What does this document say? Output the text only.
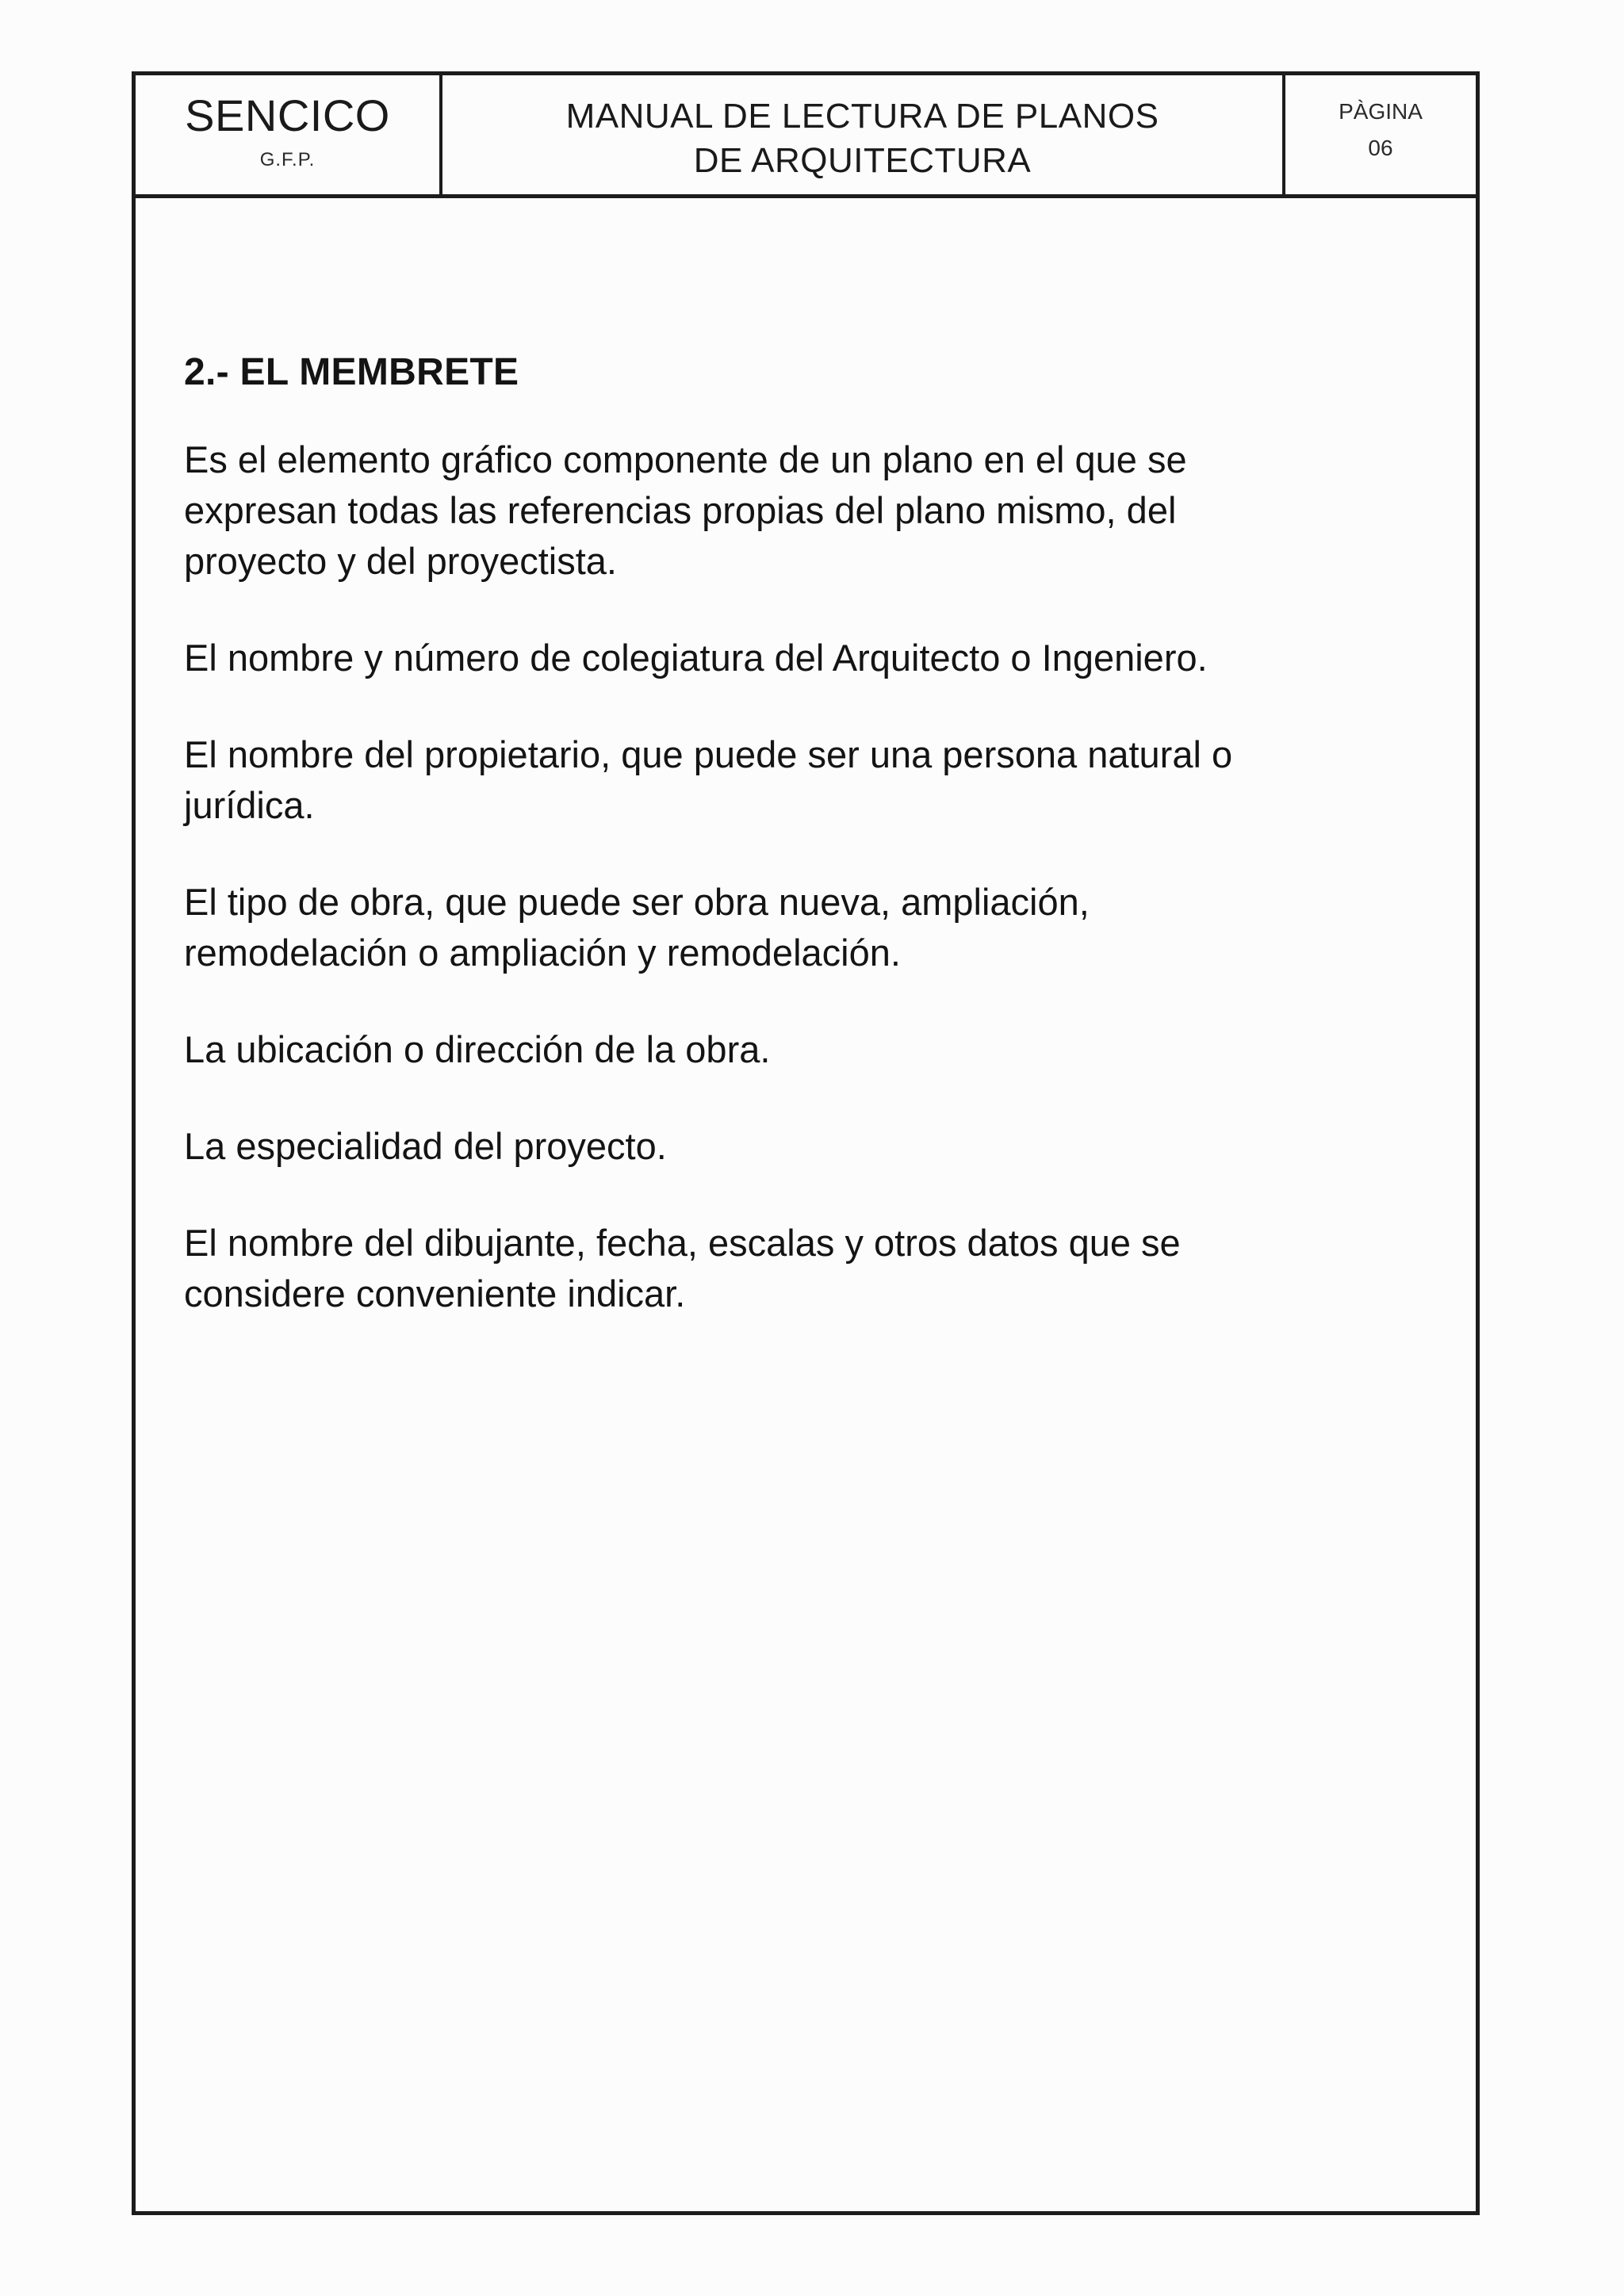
SENCICO
G.F.P.
MANUAL DE LECTURA DE PLANOS
DE ARQUITECTURA
PÀGINA
06
2.- EL MEMBRETE

Es el elemento gráfico componente de un plano en el que se expresan todas las referencias propias del plano mismo, del proyecto y del proyectista.

El nombre y número de colegiatura del Arquitecto o Ingeniero.

El nombre del propietario, que puede ser una persona natural o jurídica.

El tipo de obra, que puede ser obra nueva, ampliación, remodelación o ampliación y remodelación.

La ubicación o dirección de la obra.

La especialidad del proyecto.

El nombre del dibujante, fecha, escalas y otros datos que se considere conveniente indicar.
